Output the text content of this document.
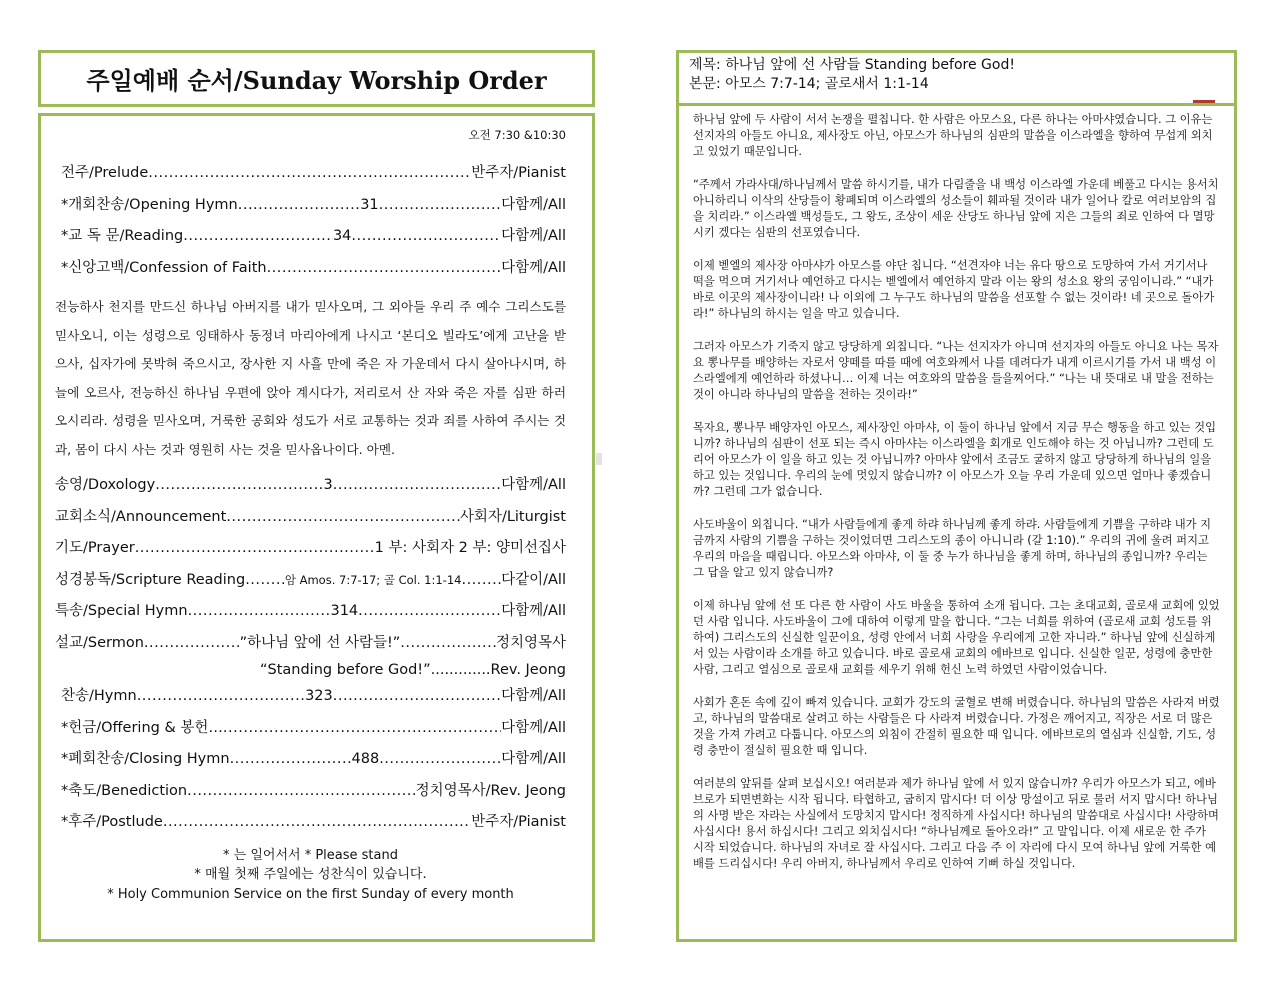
주일예배 순서/Sunday Worship Order
오전 7:30 &10:30
전주/Prelude .....	반주자/Pianist
*개회찬송/Opening Hymn .....	31 .....	다함께/All
*교 독 문/Reading .....	34 .....	다함께/All
*신앙고백/Confession of Faith .....	다함께/All
전능하사 천지를 만드신 하나님 아버지를 내가 믿사오며, 그 외아들 우리 주 예수 그리스도를 믿사오니, 이는 성령으로 잉태하사 동정녀 마리아에게 나시고 ‘본디오 빌라도’에게 고난을 받으사, 십자가에 못박혀 죽으시고, 장사한 지 사흘 만에 죽은 자 가운데서 다시 살아나시며, 하늘에 오르사, 전능하신 하나님 우편에 앉아 계시다가, 저리로서 산 자와 죽은 자를 심판 하러 오시리라. 성령을 믿사오며, 거룩한 공회와 성도가 서로 교통하는 것과 죄를 사하여 주시는 것과, 몸이 다시 사는 것과 영원히 사는 것을 믿사옵나이다. 아멘.
송영/Doxology .....	3 .....	다함께/All
교회소식/Announcement .....	사회자/Liturgist
기도/Prayer .....	1 부: 사회자 2 부: 양미선집사
성경봉독/Scripture Reading .....	암 Amos. 7:7-17; 골 Col. 1:1-14 .....	다같이/All
특송/Special Hymn .....	314 .....	다함께/All
설교/Sermon .....	”하나님 앞에 선 사람들!” .....	정치영목사
“Standing before God!” .....	Rev. Jeong
찬송/Hymn .....	323 .....	다함께/All
*헌금/Offering & 봉헌… .....	다함께/All
*폐회찬송/Closing Hymn .....	488 .....	다함께/All
*축도/Benediction .....	정치영목사/Rev. Jeong
*후주/Postlude .....	반주자/Pianist
* 는 일어서서 * Please stand
* 매월 첫째 주일에는 성찬식이 있습니다.
* Holy Communion Service on the first Sunday of every month
제목: 하나님 앞에 선 사람들 Standing before God!
본문: 아모스 7:7-14; 골로새서 1:1-14

하나님 앞에 두 사람이 서서 논쟁을 펼칩니다. 한 사람은 아모스요, 다른 하나는 아마샤였습니다. 그 이유는 선지자의 아들도 아니요, 제사장도 아닌, 아모스가 하나님의 심판의 말씀을 이스라엘을 향하여 무섭게 외치고 있었기 때문입니다.

“주께서 가라사대/하나님께서 말씀 하시기를, 내가 다림줄을 내 백성 이스라엘 가운데 베풀고 다시는 용서치 아니하리니 이삭의 산당들이 황폐되며 이스라엘의 성소들이 훼파될 것이라 내가 일어나 칼로 여러보암의 집을 치리라.” 이스라엘 백성들도, 그 왕도, 조상이 세운 산당도 하나님 앞에 지은 그들의 죄로 인하여 다 멸망시키 겠다는 심판의 선포였습니다.

이제 벧엘의 제사장 아마샤가 아모스를 야단 칩니다. “선견자야 너는 유다 땅으로 도망하여 가서 거기서나 떡을 먹으며 거기서나 예언하고 다시는 벧엘에서 예언하지 말라 이는 왕의 성소요 왕의 궁임이니라.” “내가 바로 이곳의 제사장이니라! 나 이외에 그 누구도 하나님의 말씀을 선포할 수 없는 것이라! 네 곳으로 돌아가라!” 하나님의 하시는 일을 막고 있습니다.

그러자 아모스가 기죽지 않고 당당하게 외칩니다. “나는 선지자가 아니며 선지자의 아들도 아니요 나는 목자요 뽕나무를 배양하는 자로서 양떼를 따를 때에 여호와께서 나를 데려다가 내게 이르시기를 가서 내 백성 이스라엘에게 예언하라 하셨나니… 이제 너는 여호와의 말씀을 들을찌어다.” “나는 내 뜻대로 내 말을 전하는 것이 아니라 하나님의 말씀을 전하는 것이라!”

목자요, 뽕나무 배양자인 아모스, 제사장인 아마샤, 이 둘이 하나님 앞에서 지금 무슨 행동을 하고 있는 것입니까? 하나님의 심판이 선포 되는 즉시 아마샤는 이스라엘을 회개로 인도해야 하는 것 아닙니까? 그런데 도리어 아모스가 이 일을 하고 있는 것 아닙니까? 아마샤 앞에서 조금도 굴하지 않고 당당하게 하나님의 일을 하고 있는 것입니다. 우리의 눈에 멋있지 않습니까? 이 아모스가 오늘 우리 가운데 있으면 얼마나 좋겠습니까? 그런데 그가 없습니다.

사도바울이 외칩니다. “내가 사람들에게 좋게 하랴 하나님께 좋게 하랴. 사람들에게 기쁨을 구하랴 내가 지금까지 사람의 기쁨을 구하는 것이었더면 그리스도의 종이 아니니라 (갈 1:10).” 우리의 귀에 울려 퍼지고 우리의 마음을 때립니다. 아모스와 아마샤, 이 둘 중 누가 하나님을 좋게 하며, 하나님의 종입니까? 우리는 그 답을 알고 있지 않습니까?

이제 하나님 앞에 선 또 다른 한 사람이 사도 바울을 통하여 소개 됩니다. 그는 초대교회, 골로새 교회에 있었던 사람 입니다. 사도바울이 그에 대하여 이렇게 말을 합니다. “그는 너희를 위하여 (골로새 교회 성도를 위하여) 그리스도의 신실한 일꾼이요, 성령 안에서 너희 사랑을 우리에게 고한 자니라.” 하나님 앞에 신실하게 서 있는 사람이라 소개를 하고 있습니다. 바로 골로새 교회의 에바브로 입니다. 신실한 일꾼, 성령에 충만한 사람, 그리고 열심으로 골로새 교회를 세우기 위해 헌신 노력 하였던 사람이었습니다.

사회가 혼돈 속에 깊이 빠져 있습니다. 교회가 강도의 굴혈로 변해 버렸습니다. 하나님의 말씀은 사라져 버렸고, 하나님의 말씀대로 살려고 하는 사람들은 다 사라져 버렸습니다. 가정은 깨어지고, 직장은 서로 더 많은 것을 가져 가려고 다툽니다. 아모스의 외침이 간절히 필요한 때 입니다. 에바브로의 열심과 신실함, 기도, 성령 충만이 절실히 필요한 때 입니다.

여러분의 앞뒤를 살펴 보십시오! 여러분과 제가 하나님 앞에 서 있지 않습니까? 우리가 아모스가 되고, 에바브로가 되면변화는 시작 됩니다. 타협하고, 굽히지 맙시다! 더 이상 망설이고 뒤로 물러 서지 맙시다! 하나님의 사명 받은 자라는 사실에서 도망치지 맙시다! 정직하게 사십시다! 하나님의 말씀대로 사십시다! 사랑하며 사십시다! 용서 하십시다! 그리고 외치십시다! “하나님께로 돌아오라!” 고 말입니다. 이제 새로운 한 주가 시작 되었습니다. 하나님의 자녀로 잘 사십시다. 그리고 다음 주 이 자리에 다시 모여 하나님 앞에 거룩한 예배를 드리십시다! 우리 아버지, 하나님께서 우리로 인하여 기뻐 하실 것입니다.
